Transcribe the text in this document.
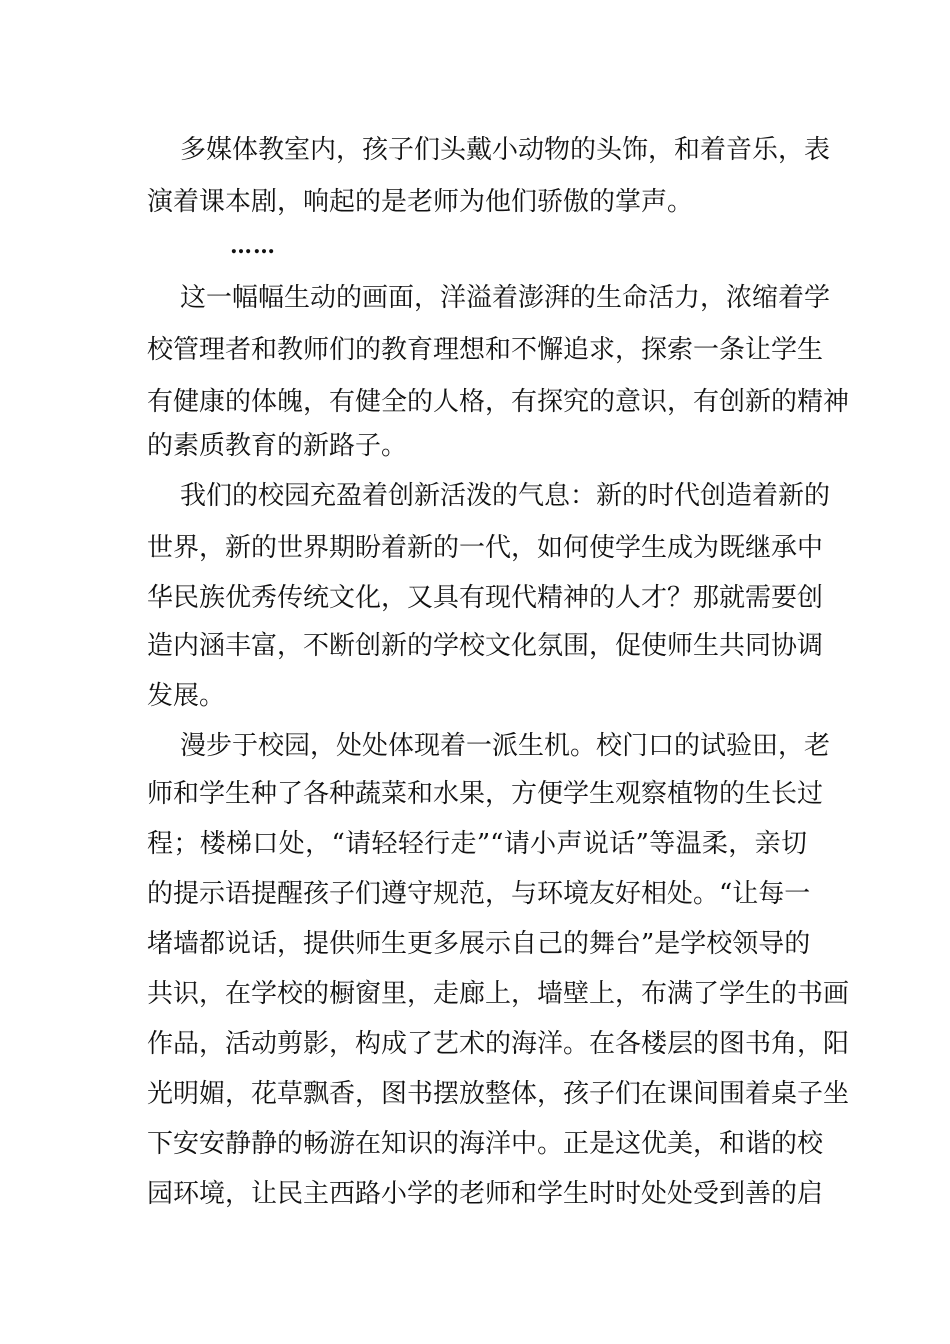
多媒体教室内，孩子们头戴小动物的头饰，和着音乐，表
演着课本剧，响起的是老师为他们骄傲的掌声。
……
这一幅幅生动的画面，洋溢着澎湃的生命活力，浓缩着学
校管理者和教师们的教育理想和不懈追求，探索一条让学生
有健康的体魄，有健全的人格，有探究的意识，有创新的精神
的素质教育的新路子。
我们的校园充盈着创新活泼的气息：新的时代创造着新的
世界，新的世界期盼着新的一代，如何使学生成为既继承中
华民族优秀传统文化，又具有现代精神的人才？那就需要创
造内涵丰富，不断创新的学校文化氛围，促使师生共同协调
发展。
漫步于校园，处处体现着一派生机。校门口的试验田，老
师和学生种了各种蔬菜和水果，方便学生观察植物的生长过
程；楼梯口处，“请轻轻行走”“请小声说话”等温柔，亲切
的提示语提醒孩子们遵守规范，与环境友好相处。“让每一
堵墙都说话，提供师生更多展示自己的舞台”是学校领导的
共识，在学校的橱窗里，走廊上，墙壁上，布满了学生的书画
作品，活动剪影，构成了艺术的海洋。在各楼层的图书角，阳
光明媚，花草飘香，图书摆放整体，孩子们在课间围着桌子坐
下安安静静的畅游在知识的海洋中。正是这优美，和谐的校
园环境，让民主西路小学的老师和学生时时处处受到善的启
